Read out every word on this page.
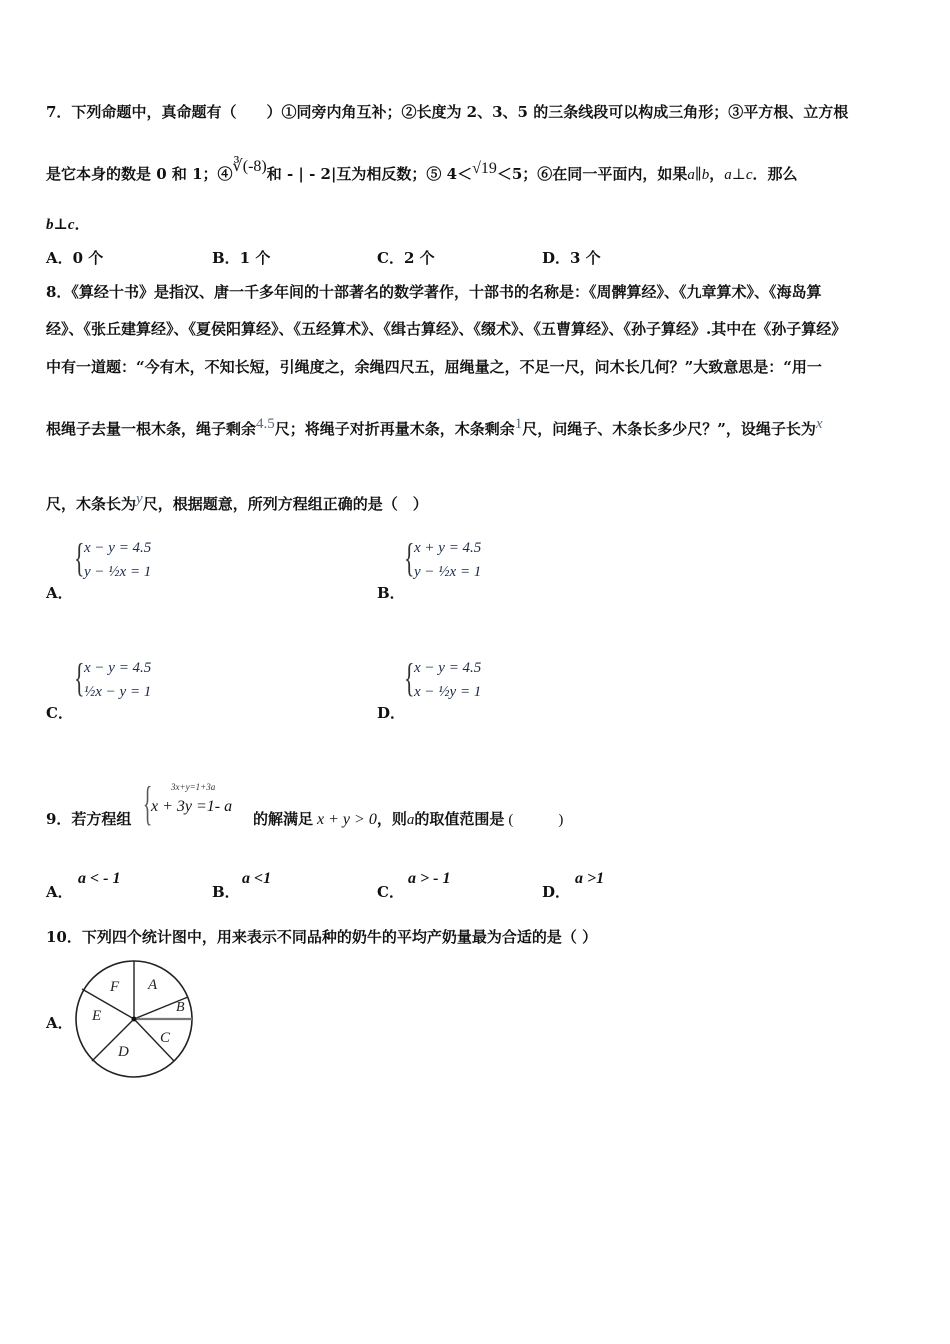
7．下列命题中，真命题有（　　）①同旁内角互补；②长度为 2、3、5 的三条线段可以构成三角形；③平方根、立方根
是它本身的数是 0 和 1；④∛(-8)和 - | - 2|互为相反数；⑤ 4＜√19＜5；⑥在同一平面内，如果a∥b，a⊥c．那么
b⊥c．
A．0 个	B．1 个	C．2 个	D．3 个
8．《算经十书》是指汉、唐一千多年间的十部著名的数学著作，十部书的名称是：《周髀算经》、《九章算术》、《海岛算
经》、《张丘建算经》、《夏侯阳算经》、《五经算术》、《缉古算经》、《缀术》、《五曹算经》、《孙子算经》.其中在《孙子算经》
中有一道题：“今有木，不知长短，引绳度之，余绳四尺五，屈绳量之，不足一尺，问木长几何？”大致意思是：“用一
根绳子去量一根木条，绳子剩余4.5尺；将绳子对折再量木条，木条剩余1尺，问绳子、木条长多少尺？”，设绳子长为x
尺，木条长为y尺，根据题意，所列方程组正确的是（　）
A．
{ x − y = 4.5
y − ½x = 1
B．
{ x + y = 4.5
y − ½x = 1
C．
{ x − y = 4.5
½x − y = 1
D．
{ x − y = 4.5
x − ½y = 1
9．若方程组 { 3x+y=1+3a
x + 3y =1- a
的解满足 x + y > 0，则a的取值范围是 (　　　)
A．
a < - 1
B．
a <1
C．
a > - 1
D．
a >1
10．下列四个统计图中，用来表示不同品种的奶牛的平均产奶量最为合适的是（ ）
A．
F A
B
E
C
D
